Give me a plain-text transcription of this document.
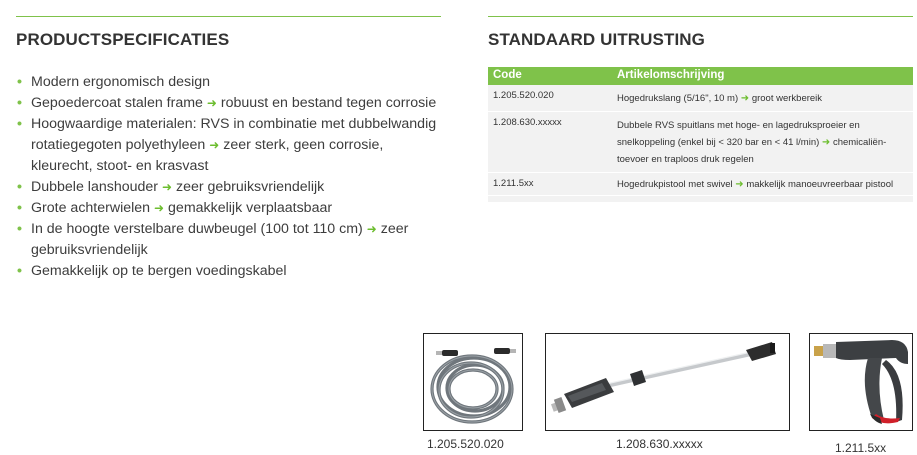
PRODUCTSPECIFICATIES	STANDAARD UITRUSTING
• Modern ergonomisch design
• Gepoedercoat stalen frame ➜ robuust en bestand tegen corrosie
• Hoogwaardige materialen: RVS in combinatie met dubbelwandig rotatiegegoten polyethyleen ➜ zeer sterk, geen corrosie, kleurecht, stoot- en krasvast
• Dubbele lanshouder ➜ zeer gebruiksvriendelijk
• Grote achterwielen ➜ gemakkelijk verplaatsbaar
• In de hoogte verstelbare duwbeugel (100 tot 110 cm) ➜ zeer gebruiksvriendelijk
• Gemakkelijk op te bergen voedingskabel
Code	Artikelomschrijving
1.205.520.020	Hogedrukslang (5/16", 10 m) ➜ groot werkbereik
1.208.630.xxxxx	Dubbele RVS spuitlans met hoge- en lagedruksproeier en snelkoppeling (enkel bij < 320 bar en < 41 l/min) ➜ chemicaliën-toevoer en traploos druk regelen
1.211.5xx	Hogedrukpistool met swivel ➜ makkelijk manoeuvreerbaar pistool
1.205.520.020	1.208.630.xxxxx	1.211.5xx
